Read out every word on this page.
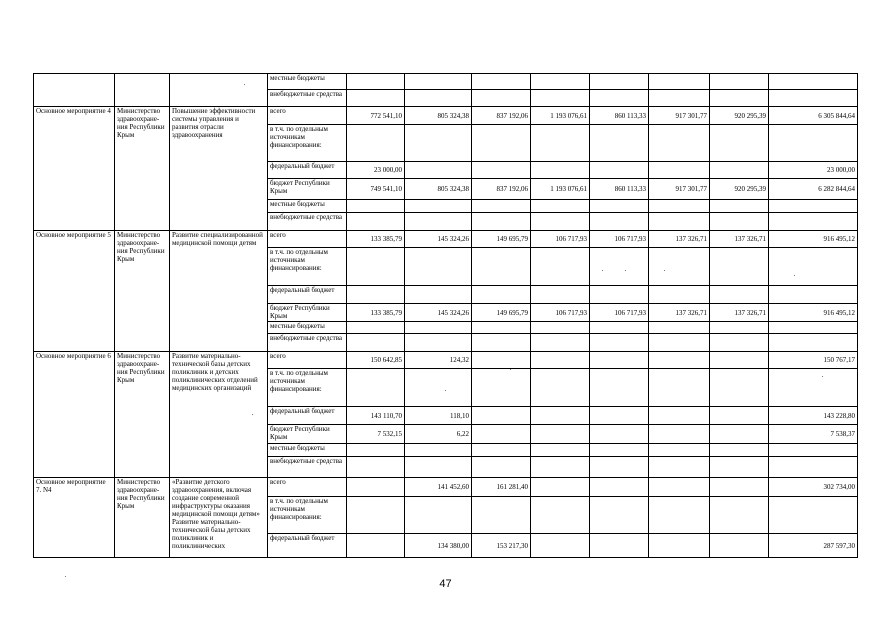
			местные бюджеты								
			внебюджетные средства								
Основное мероприятие 4	Министерство здравоохране-ния Республики Крым	Повышение эффективности системы управления и развития отрасли здравоохранения	всего	772 541,10	805 324,38	837 192,06	1 193 076,61	860 113,33	917 301,77	920 295,39	6 305 844,64
			в т.ч. по отдельным источникам финансирования:								
			федеральный бюджет	23 000,00							23 000,00
			бюджет Республики Крым	749 541,10	805 324,38	837 192,06	1 193 076,61	860 113,33	917 301,77	920 295,39	6 282 844,64
			местные бюджеты								
			внебюджетные средства								
Основное мероприятие 5	Министерство здравоохране-ния Республики Крым	Развитие специализированной медицинской помощи детям	всего	133 385,79	145 324,26	149 695,79	106 717,93	106 717,93	137 326,71	137 326,71	916 495,12
			в т.ч. по отдельным источникам финансирования:								
			федеральный бюджет								
			бюджет Республики Крым	133 385,79	145 324,26	149 695,79	106 717,93	106 717,93	137 326,71	137 326,71	916 495,12
			местные бюджеты								
			внебюджетные средства								
Основное мероприятие 6	Министерство здравоохране-ния Республики Крым	Развитие материально-технической базы детских поликлиник и детских поликлинических отделений медицинских организаций	всего	150 642,85	124,32						150 767,17
			в т.ч. по отдельным источникам финансирования:								
			федеральный бюджет	143 110,70	118,10						143 228,80
			бюджет Республики Крым	7 532,15	6,22						7 538,37
			местные бюджеты								
			внебюджетные средства								
Основное мероприятие 7. N4	Министерство здравоохране-ния Республики Крым	«Развитие детского здравоохранения, включая создание современной инфраструктуры оказания медицинской помощи детям» Развитие материально-технической базы детских поликлиник и поликлинических	всего		141 452,60	161 281,40					302 734,00
			в т.ч. по отдельным источникам финансирования:								
			федеральный бюджет		134 380,00	153 217,30					287 597,30
47
